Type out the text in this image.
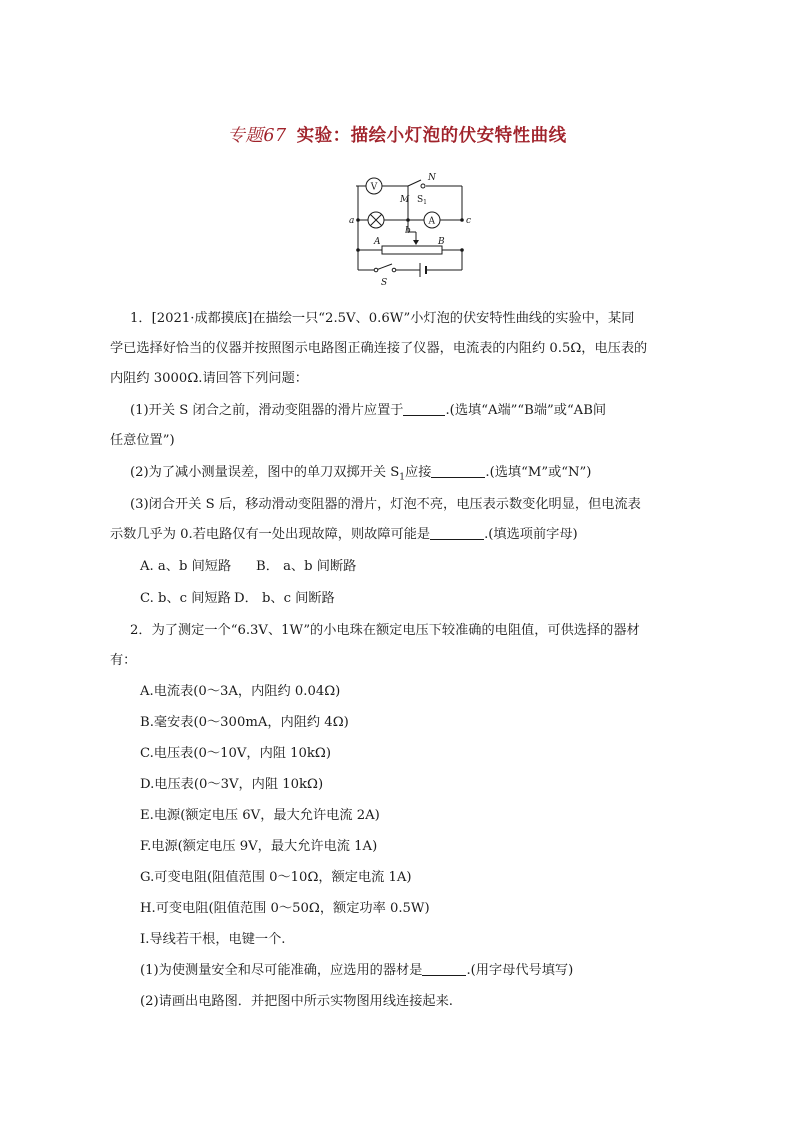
专题67 实验：描绘小灯泡的伏安特性曲线
V
A
N
M $S_1$
a
b
c
A	B
S
1．[2021·成都摸底]在描绘一只“2.5V、0.6W”小灯泡的伏安特性曲线的实验中，某同
学已选择好恰当的仪器并按照图示电路图正确连接了仪器，电流表的内阻约 0.5Ω，电压表的
内阻约 3000Ω.请回答下列问题：
(1)开关 S 闭合之前，滑动变阻器的滑片应置于	.(选填“A端”“B端”或“AB间
任意位置”)
(2)为了减小测量误差，图中的单刀双掷开关 $S_1$应接	.(选填“M”或“N”)
(3)闭合开关 S 后，移动滑动变阻器的滑片，灯泡不亮，电压表示数变化明显，但电流表
示数几乎为 0.若电路仅有一处出现故障，则故障可能是	.(填选项前字母)
A. a、b 间短路 B． a、b 间断路
C. b、c 间短路 D． b、c 间断路
2．为了测定一个“6.3V、1W”的小电珠在额定电压下较准确的电阻值，可供选择的器材
有：
A.电流表(0～3A，内阻约 0.04Ω)
B.毫安表(0～300mA，内阻约 4Ω)
C.电压表(0～10V，内阻 10kΩ)
D.电压表(0～3V，内阻 10kΩ)
E.电源(额定电压 6V，最大允许电流 2A)
F.电源(额定电压 9V，最大允许电流 1A)
G.可变电阻(阻值范围 0～10Ω，额定电流 1A)
H.可变电阻(阻值范围 0～50Ω，额定功率 0.5W)
I.导线若干根，电键一个.
(1)为使测量安全和尽可能准确，应选用的器材是	.(用字母代号填写)
(2)请画出电路图．并把图中所示实物图用线连接起来.
